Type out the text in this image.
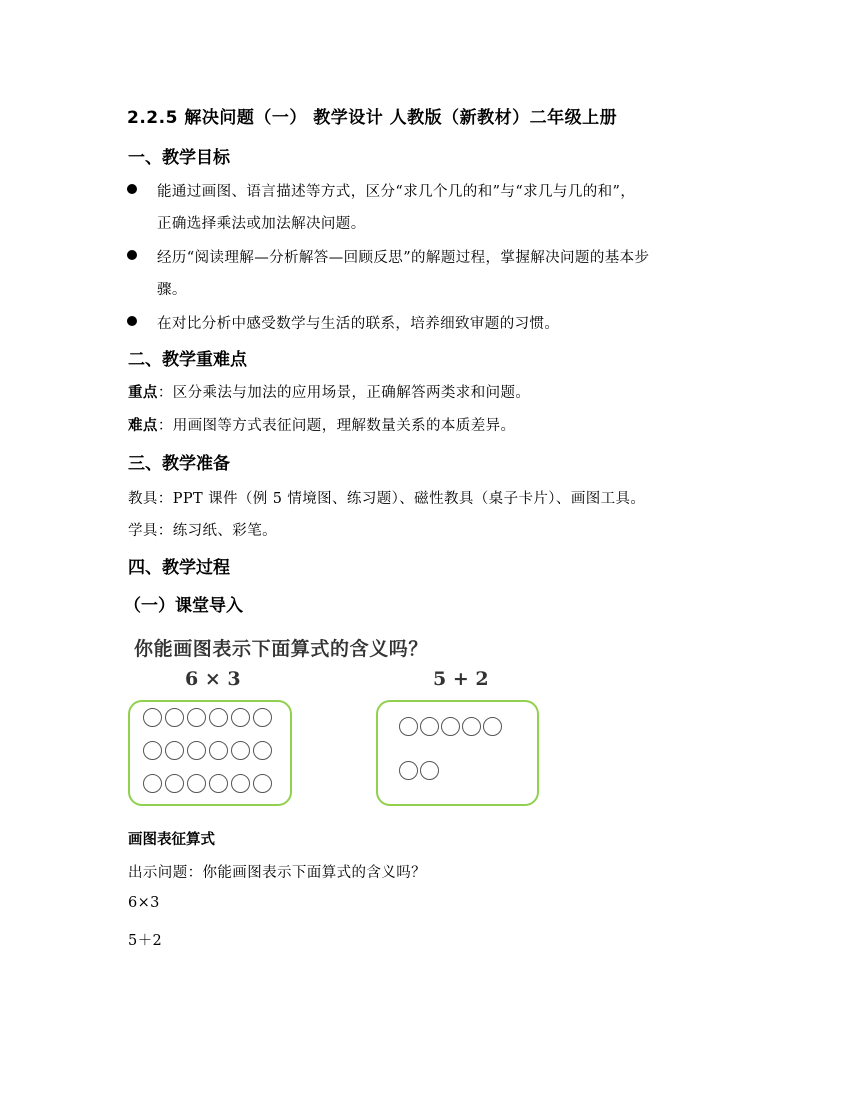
2.2.5 解决问题（一） 教学设计 人教版（新教材）二年级上册
一、教学目标
能通过画图、语言描述等方式，区分“求几个几的和”与“求几与几的和”，
正确选择乘法或加法解决问题。
经历“阅读理解—分析解答—回顾反思”的解题过程，掌握解决问题的基本步
骤。
在对比分析中感受数学与生活的联系，培养细致审题的习惯。
二、教学重难点
重点：区分乘法与加法的应用场景，正确解答两类求和问题。
难点：用画图等方式表征问题，理解数量关系的本质差异。
三、教学准备
教具：PPT 课件（例 5 情境图、练习题）、磁性教具（桌子卡片）、画图工具。
学具：练习纸、彩笔。
四、教学过程
（一）课堂导入
你能画图表示下面算式的含义吗？
6 × 3	5 + 2
画图表征算式
出示问题：你能画图表示下面算式的含义吗？
6×3
5＋2
